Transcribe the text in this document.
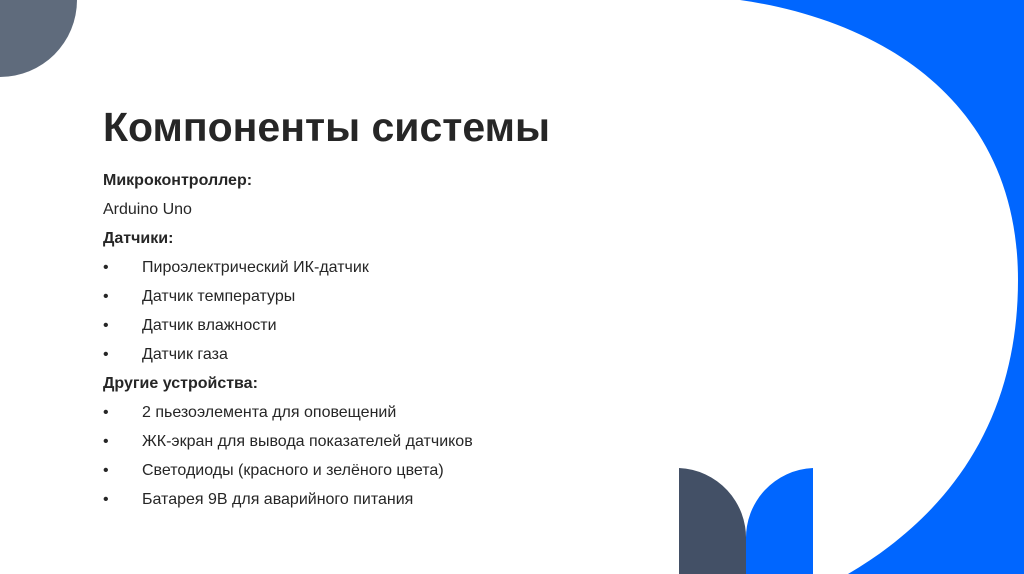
Компоненты системы
Микроконтроллер:
Arduino Uno
Датчики:
•	Пироэлектрический ИК-датчик
•	Датчик температуры
•	Датчик влажности
•	Датчик газа
Другие устройства:
•	2 пьезоэлемента для оповещений
•	ЖК-экран для вывода показателей датчиков
•	Светодиоды (красного и зелёного цвета)
•	Батарея 9В для аварийного питания
